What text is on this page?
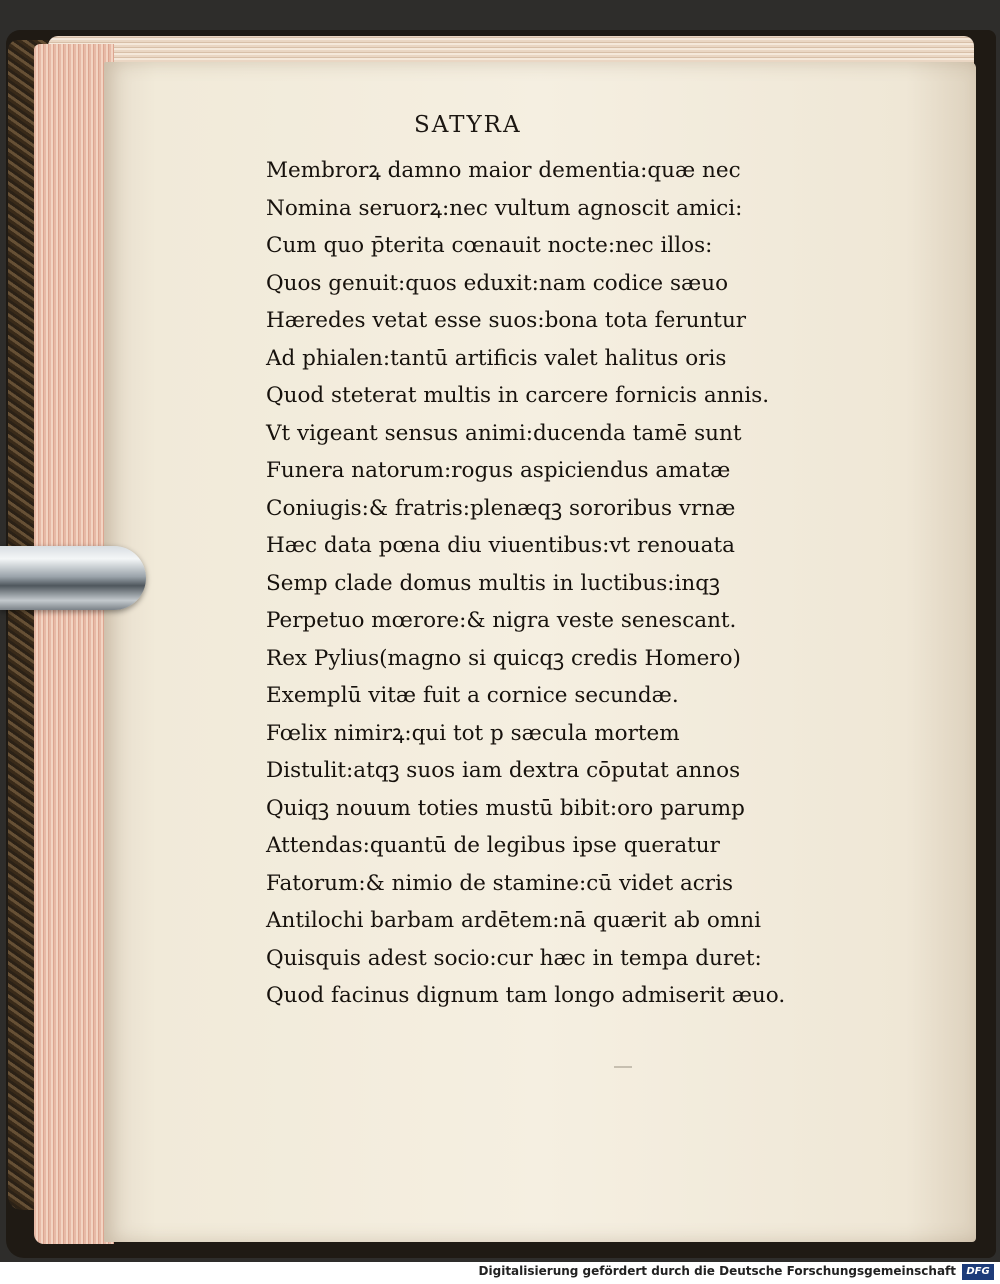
SATYRA
Membrorꝝ damno maior dementia:quæ nec
Nomina seruorꝝ:nec vultum agnoscit amici:
Cum quo p̄terita cœnauit nocte:nec illos:
Quos genuit:quos eduxit:nam codice sæuo
Hæredes vetat esse suos:bona tota feruntur
Ad phialen:tantū artificis valet halitus oris
Quod steterat multis in carcere fornicis annis.
Vt vigeant sensus animi:ducenda tamē sunt
Funera natorum:rogus aspiciendus amatæ
Coniugis:& fratris:plenæqꝫ sororibus vrnæ
Hæc data pœna diu viuentibus:vt renouata
Semp clade domus multis in luctibus:inqꝫ
Perpetuo mœrore:& nigra veste senescant.
Rex Pylius(magno si quicqꝫ credis Homero)
Exemplū vitæ fuit a cornice secundæ.
Fœlix nimirꝝ:qui tot p sæcula mortem
Distulit:atqꝫ suos iam dextra cōputat annos
Quiqꝫ nouum toties mustū bibit:oro parump
Attendas:quantū de legibus ipse queratur
Fatorum:& nimio de stamine:cū videt acris
Antilochi barbam ardētem:nā quærit ab omni
Quisquis adest socio:cur hæc in tempa duret:
Quod facinus dignum tam longo admiserit æuo.
Digitalisierung gefördert durch die Deutsche Forschungsgemeinschaft	DFG
